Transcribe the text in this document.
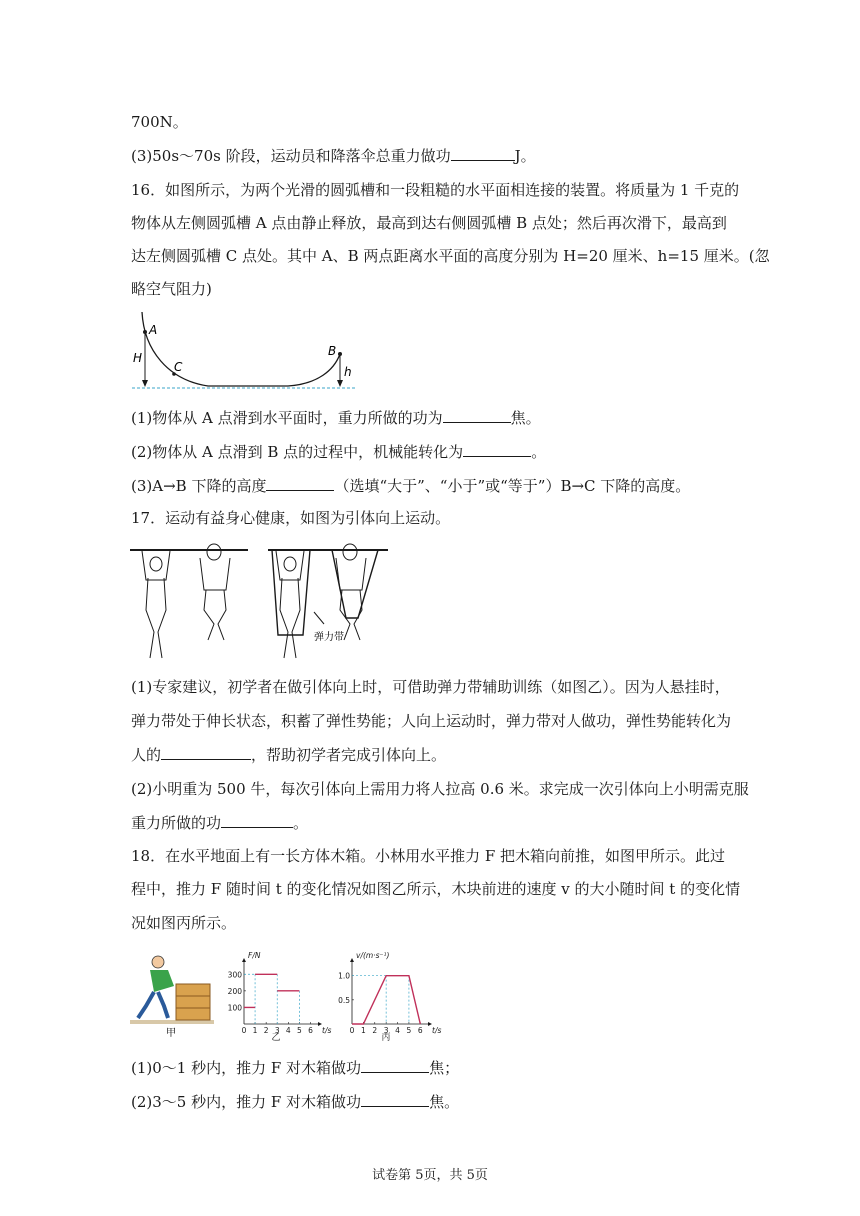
700N。
(3)50s～70s 阶段，运动员和降落伞总重力做功	J。
16．如图所示，为两个光滑的圆弧槽和一段粗糙的水平面相连接的装置。将质量为 1 千克的
物体从左侧圆弧槽 A 点由静止释放，最高到达右侧圆弧槽 B 点处；然后再次滑下，最高到
达左侧圆弧槽 C 点处。其中 A、B 两点距离水平面的高度分别为 H=20 厘米、h=15 厘米。(忽
略空气阻力)
A
H
C
B
h
(1)物体从 A 点滑到水平面时，重力所做的功为	焦。
(2)物体从 A 点滑到 B 点的过程中，机械能转化为	。
(3)A→B 下降的高度	（选填“大于”、“小于”或“等于”）B→C 下降的高度。
17．运动有益身心健康，如图为引体向上运动。
弹力带
(1)专家建议，初学者在做引体向上时，可借助弹力带辅助训练（如图乙）。因为人悬挂时，
弹力带处于伸长状态，积蓄了弹性势能；人向上运动时，弹力带对人做功，弹性势能转化为
人的	，帮助初学者完成引体向上。
(2)小明重为 500 牛，每次引体向上需用力将人拉高 0.6 米。求完成一次引体向上小明需克服
重力所做的功	。
18．在水平地面上有一长方体木箱。小林用水平推力 F 把木箱向前推，如图甲所示。此过
程中，推力 F 随时间 t 的变化情况如图乙所示，木块前进的速度 v 的大小随时间 t 的变化情
况如图丙所示。
甲
F/N
t/s
0 1 2 3 4 5 6
100
200
300
乙
v/(m·s⁻¹)
t/s
0 1 2 3 4 5 6
0.5
1.0
丙
(1)0～1 秒内，推力 F 对木箱做功	焦；
(2)3～5 秒内，推力 F 对木箱做功	焦。
试卷第 5页，共 5页
